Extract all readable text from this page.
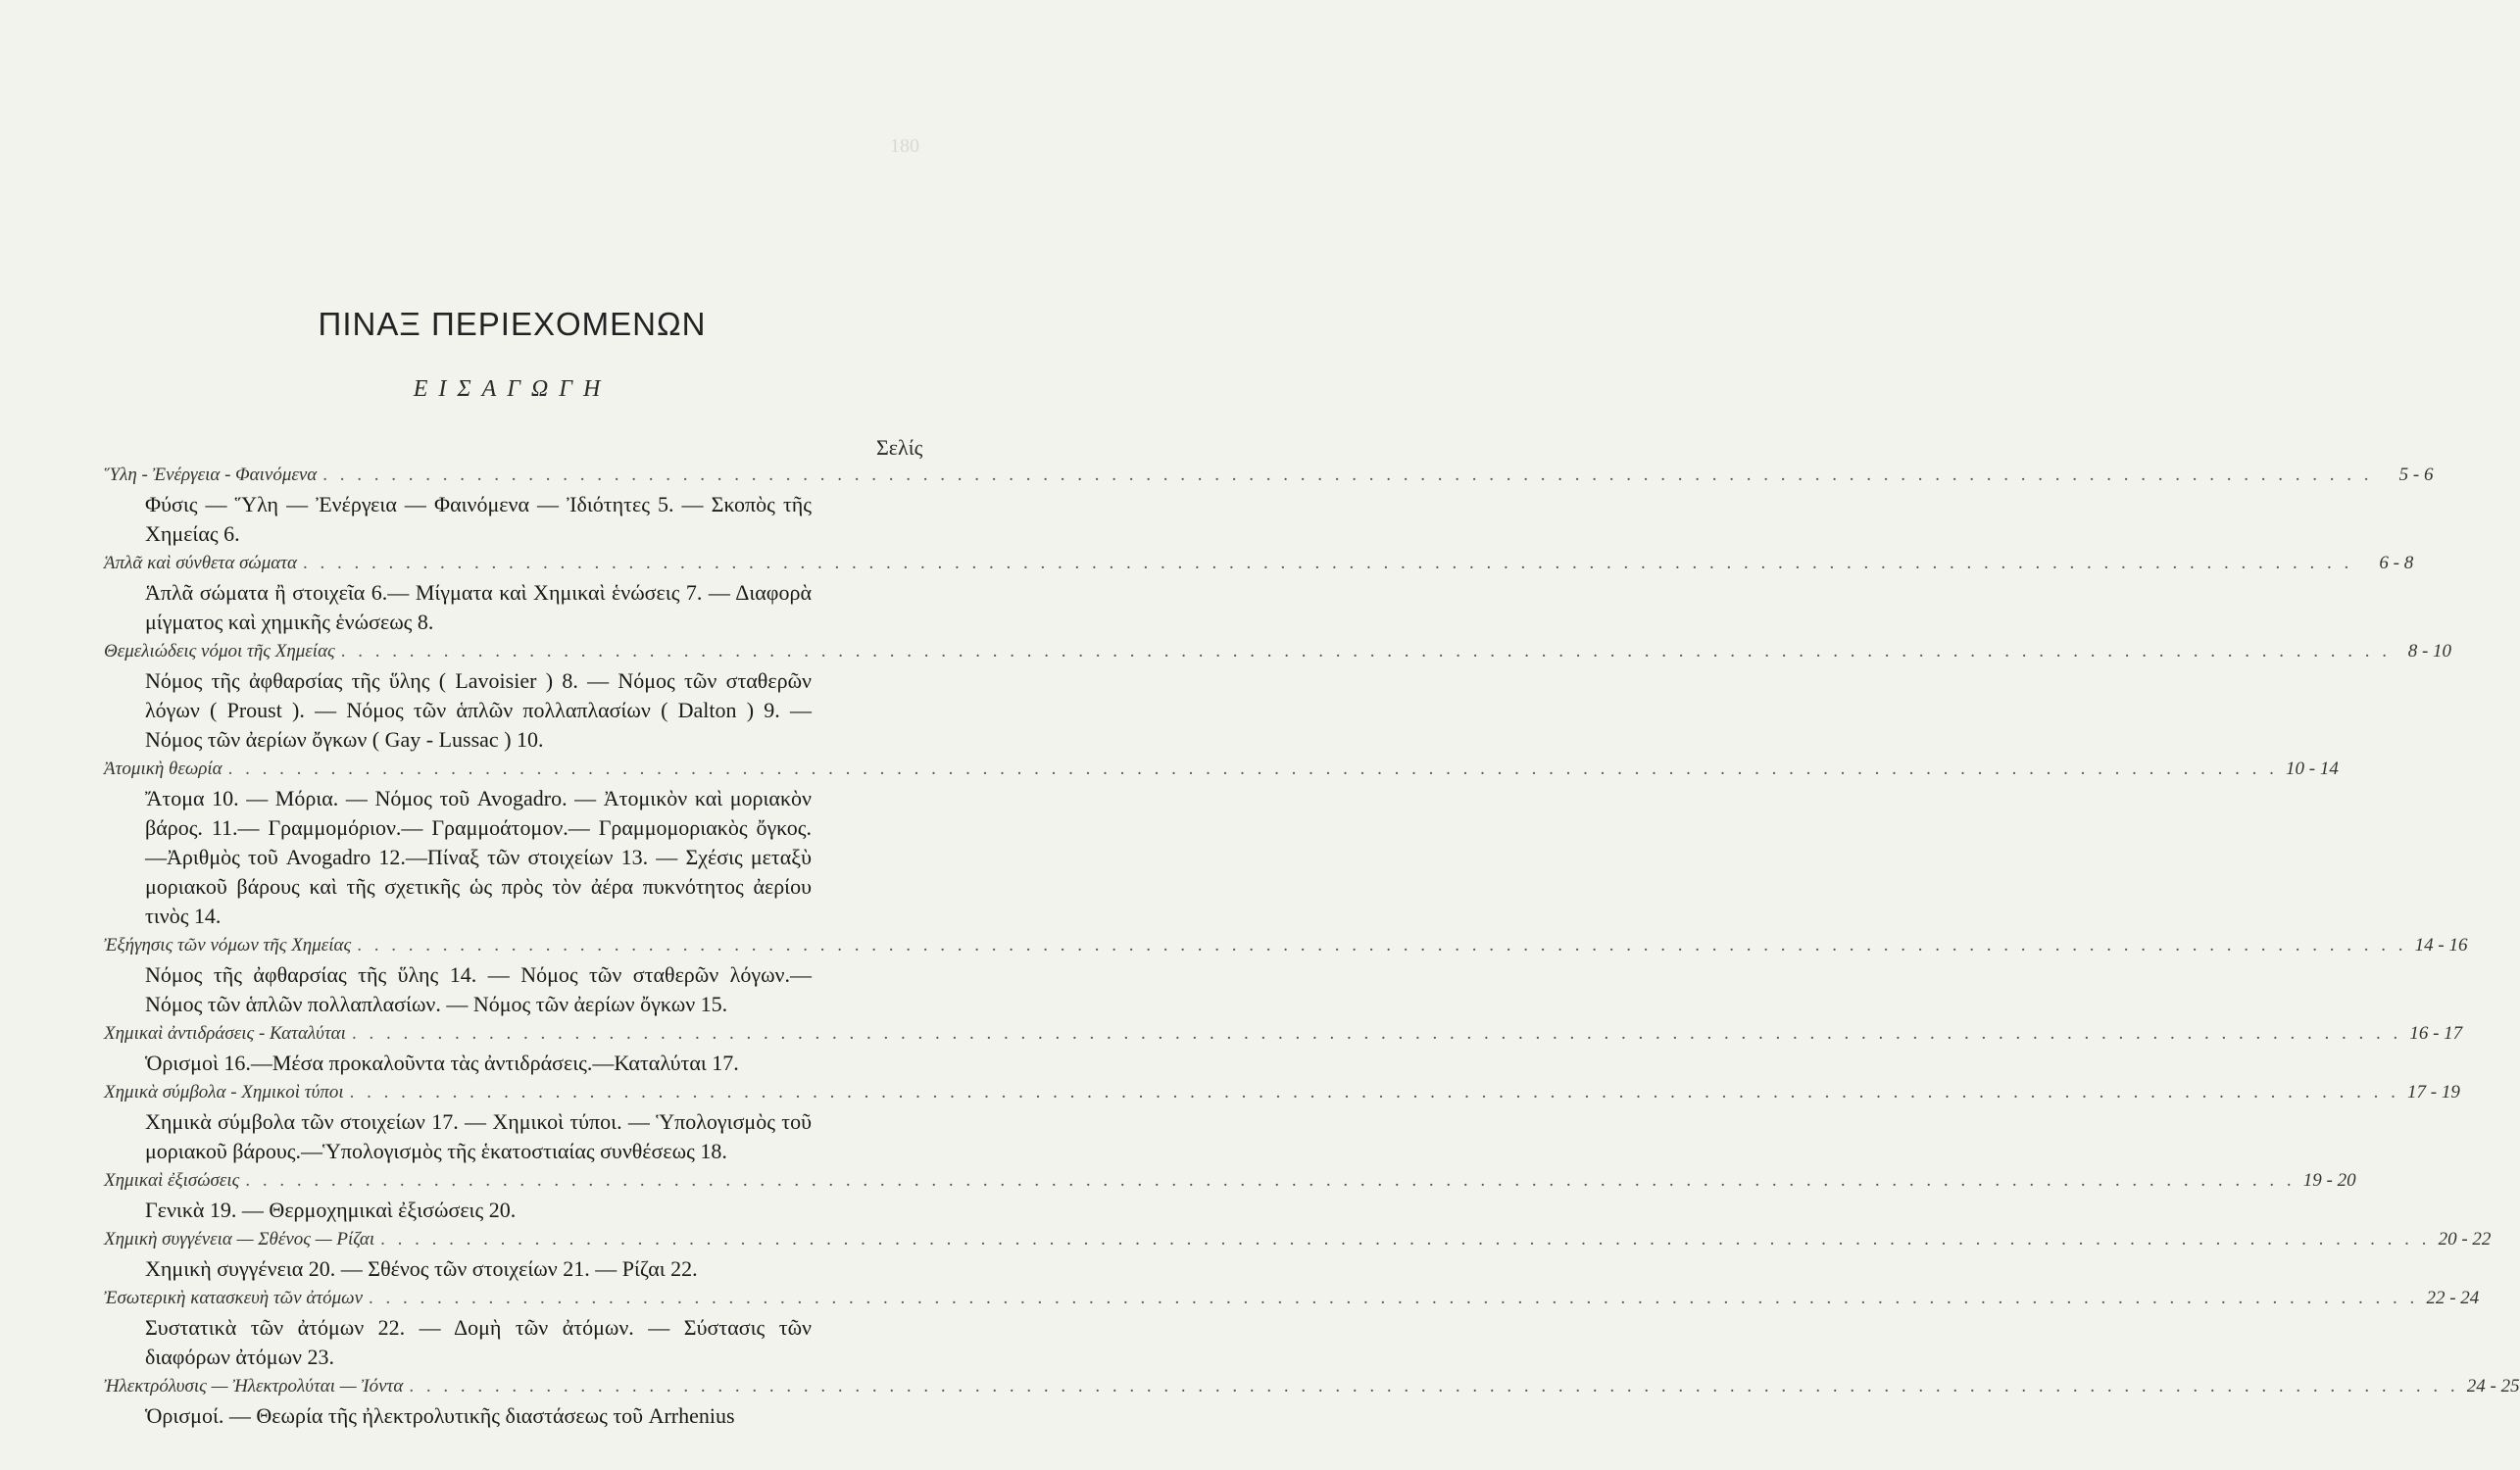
180
ΠΙΝΑΞ ΠΕΡΙΕΧΟΜΕΝΩΝ
ΕΙΣΑΓΩΓΗ
Σελίς
Ὕλη - Ἐνέργεια - Φαινόμενα . . . . . . . . . . . . . . . . . . . . . . . . . . . . . . . . . . . . . . . . . . . . . . . . . . . . . . . . . . . . . . . . . . . . . . . . . . . . . . . . . . . . . . . . . . . . . . . . . . . . . . . . . . . . . . . . . . . . . . . .	5 - 6
Φύσις — Ὕλη — Ἐνέργεια — Φαινόμενα — Ἰδιότητες 5. — Σκοπὸς τῆς Χημείας 6.
Ἁπλᾶ καὶ σύνθετα σώματα . . . . . . . . . . . . . . . . . . . . . . . . . . . . . . . . . . . . . . . . . . . . . . . . . . . . . . . . . . . . . . . . . . . . . . . . . . . . . . . . . . . . . . . . . . . . . . . . . . . . . . . . . . . . . . . . . . . . . . . .	6 - 8
Ἁπλᾶ σώματα ἢ στοιχεῖα 6.— Μίγματα καὶ Χημικαὶ ἑνώσεις 7. — Διαφορὰ μίγματος καὶ χημικῆς ἑνώσεως 8.
Θεμελιώδεις νόμοι τῆς Χημείας . . . . . . . . . . . . . . . . . . . . . . . . . . . . . . . . . . . . . . . . . . . . . . . . . . . . . . . . . . . . . . . . . . . . . . . . . . . . . . . . . . . . . . . . . . . . . . . . . . . . . . . . . . . . . . . . . . . . . . . . 8 - 10
Νόμος τῆς ἀφθαρσίας τῆς ὕλης ( Lavoisier ) 8. — Νόμος τῶν σταθερῶν λόγων ( Proust ). — Νόμος τῶν ἁπλῶν πολλαπλασίων ( Dalton ) 9. — Νόμος τῶν ἀερίων ὄγκων ( Gay - Lussac ) 10.
Ἀτομικὴ θεωρία . . . . . . . . . . . . . . . . . . . . . . . . . . . . . . . . . . . . . . . . . . . . . . . . . . . . . . . . . . . . . . . . . . . . . . . . . . . . . . . . . . . . . . . . . . . . . . . . . . . . . . . . . . . . . . . . . . . . . . . . 10 - 14
Ἄτομα 10. — Μόρια. — Νόμος τοῦ Avogadro. — Ἀτομικὸν καὶ μοριακὸν βάρος. 11.— Γραμμομόριον.— Γραμμοάτομον.— Γραμμομοριακὸς ὄγκος.—Ἀριθμὸς τοῦ Avogadro 12.—Πίναξ τῶν στοιχείων 13. — Σχέσις μεταξὺ μοριακοῦ βάρους καὶ τῆς σχετικῆς ὡς πρὸς τὸν ἀέρα πυκνότητος ἀερίου τινὸς 14.
Ἐξήγησις τῶν νόμων τῆς Χημείας . . . . . . . . . . . . . . . . . . . . . . . . . . . . . . . . . . . . . . . . . . . . . . . . . . . . . . . . . . . . . . . . . . . . . . . . . . . . . . . . . . . . . . . . . . . . . . . . . . . . . . . . . . . . . . . . . . . . . . . . 14 - 16
Νόμος τῆς ἀφθαρσίας τῆς ὕλης 14. — Νόμος τῶν σταθερῶν λόγων.— Νόμος τῶν ἁπλῶν πολλαπλασίων. — Νόμος τῶν ἀερίων ὄγκων 15.
Χημικαὶ ἀντιδράσεις - Καταλύται . . . . . . . . . . . . . . . . . . . . . . . . . . . . . . . . . . . . . . . . . . . . . . . . . . . . . . . . . . . . . . . . . . . . . . . . . . . . . . . . . . . . . . . . . . . . . . . . . . . . . . . . . . . . . . . . . . . . . . . . 16 - 17
Ὁρισμοὶ 16.—Μέσα προκαλοῦντα τὰς ἀντιδράσεις.—Καταλύται 17.
Χημικὰ σύμβολα - Χημικοὶ τύποι . . . . . . . . . . . . . . . . . . . . . . . . . . . . . . . . . . . . . . . . . . . . . . . . . . . . . . . . . . . . . . . . . . . . . . . . . . . . . . . . . . . . . . . . . . . . . . . . . . . . . . . . . . . . . . . . . . . . . . . . 17 - 19
Χημικὰ σύμβολα τῶν στοιχείων 17. — Χημικοὶ τύποι. — Ὑπολογισμὸς τοῦ μοριακοῦ βάρους.—Ὑπολογισμὸς τῆς ἑκατοστιαίας συνθέσεως 18.
Χημικαὶ ἐξισώσεις . . . . . . . . . . . . . . . . . . . . . . . . . . . . . . . . . . . . . . . . . . . . . . . . . . . . . . . . . . . . . . . . . . . . . . . . . . . . . . . . . . . . . . . . . . . . . . . . . . . . . . . . . . . . . . . . . . . . . . . . 19 - 20
Γενικὰ 19. — Θερμοχημικαὶ ἐξισώσεις 20.
Χημικὴ συγγένεια — Σθένος — Ρίζαι . . . . . . . . . . . . . . . . . . . . . . . . . . . . . . . . . . . . . . . . . . . . . . . . . . . . . . . . . . . . . . . . . . . . . . . . . . . . . . . . . . . . . . . . . . . . . . . . . . . . . . . . . . . . . . . . . . . . . . . . 20 - 22
Χημικὴ συγγένεια 20. — Σθένος τῶν στοιχείων 21. — Ρίζαι 22.
Ἐσωτερικὴ κατασκευὴ τῶν ἀτόμων . . . . . . . . . . . . . . . . . . . . . . . . . . . . . . . . . . . . . . . . . . . . . . . . . . . . . . . . . . . . . . . . . . . . . . . . . . . . . . . . . . . . . . . . . . . . . . . . . . . . . . . . . . . . . . . . . . . . . . . . 22 - 24
Συστατικὰ τῶν ἀτόμων 22. — Δομὴ τῶν ἀτόμων. — Σύστασις τῶν διαφόρων ἀτόμων 23.
Ἠλεκτρόλυσις — Ἠλεκτρολύται — Ἰόντα . . . . . . . . . . . . . . . . . . . . . . . . . . . . . . . . . . . . . . . . . . . . . . . . . . . . . . . . . . . . . . . . . . . . . . . . . . . . . . . . . . . . . . . . . . . . . . . . . . . . . . . . . . . . . . . . . . . . . . . . 24 - 25
Ὁρισμοί. — Θεωρία τῆς ἠλεκτρολυτικῆς διαστάσεως τοῦ Arrhenius
